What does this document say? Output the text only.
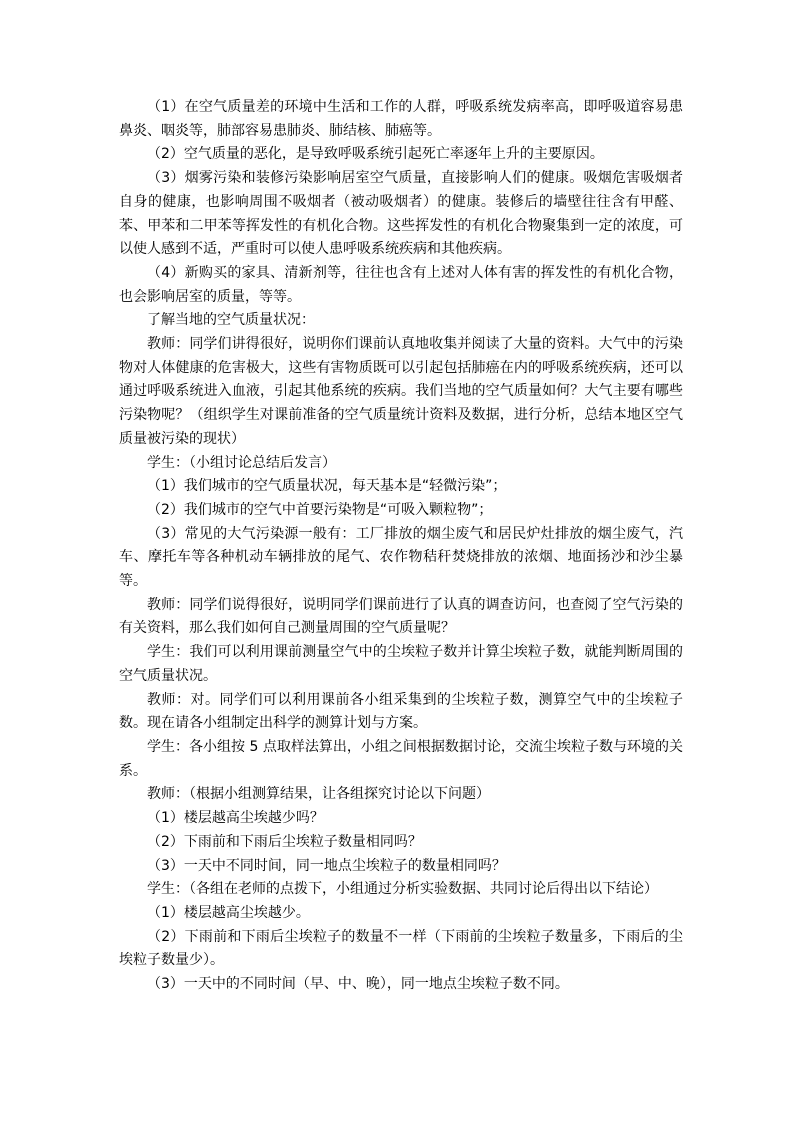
（1）在空气质量差的环境中生活和工作的人群，呼吸系统发病率高，即呼吸道容易患鼻炎、咽炎等，肺部容易患肺炎、肺结核、肺癌等。

（2）空气质量的恶化，是导致呼吸系统引起死亡率逐年上升的主要原因。

（3）烟雾污染和装修污染影响居室空气质量，直接影响人们的健康。吸烟危害吸烟者自身的健康，也影响周围不吸烟者（被动吸烟者）的健康。装修后的墙壁往往含有甲醛、苯、甲苯和二甲苯等挥发性的有机化合物。这些挥发性的有机化合物聚集到一定的浓度，可以使人感到不适，严重时可以使人患呼吸系统疾病和其他疾病。

（4）新购买的家具、清新剂等，往往也含有上述对人体有害的挥发性的有机化合物，也会影响居室的质量，等等。

了解当地的空气质量状况：

教师：同学们讲得很好，说明你们课前认真地收集并阅读了大量的资料。大气中的污染物对人体健康的危害极大，这些有害物质既可以引起包括肺癌在内的呼吸系统疾病，还可以通过呼吸系统进入血液，引起其他系统的疾病。我们当地的空气质量如何？大气主要有哪些污染物呢？（组织学生对课前准备的空气质量统计资料及数据，进行分析，总结本地区空气质量被污染的现状）

学生：（小组讨论总结后发言）

（1）我们城市的空气质量状况，每天基本是“轻微污染”；

（2）我们城市的空气中首要污染物是“可吸入颗粒物”；

（3）常见的大气污染源一般有：工厂排放的烟尘废气和居民炉灶排放的烟尘废气，汽车、摩托车等各种机动车辆排放的尾气、农作物秸秆焚烧排放的浓烟、地面扬沙和沙尘暴等。

教师：同学们说得很好，说明同学们课前进行了认真的调查访问，也查阅了空气污染的有关资料，那么我们如何自己测量周围的空气质量呢？

学生：我们可以利用课前测量空气中的尘埃粒子数并计算尘埃粒子数，就能判断周围的空气质量状况。

教师：对。同学们可以利用课前各小组采集到的尘埃粒子数，测算空气中的尘埃粒子数。现在请各小组制定出科学的测算计划与方案。

学生：各小组按 5 点取样法算出，小组之间根据数据讨论，交流尘埃粒子数与环境的关系。

教师：（根据小组测算结果，让各组探究讨论以下问题）

（1）楼层越高尘埃越少吗？

（2）下雨前和下雨后尘埃粒子数量相同吗？

（3）一天中不同时间，同一地点尘埃粒子的数量相同吗？

学生：（各组在老师的点拨下，小组通过分析实验数据、共同讨论后得出以下结论）

（1）楼层越高尘埃越少。

（2）下雨前和下雨后尘埃粒子的数量不一样（下雨前的尘埃粒子数量多，下雨后的尘埃粒子数量少）。

（3）一天中的不同时间（早、中、晚），同一地点尘埃粒子数不同。
